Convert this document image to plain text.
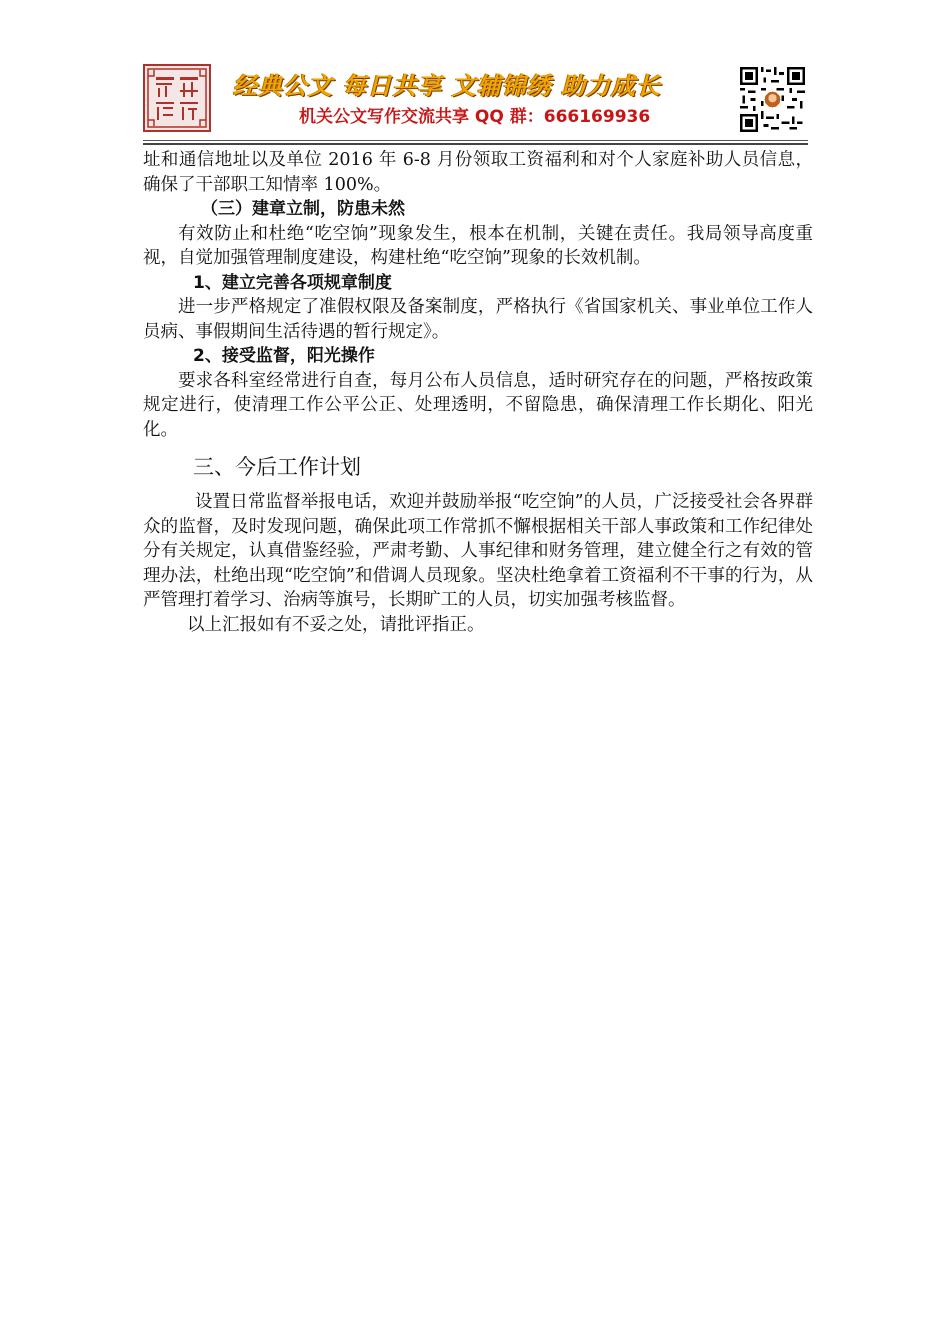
经典公文 每日共享 文辅锦绣 助力成长
机关公文写作交流共享 QQ 群：666169936

址和通信地址以及单位 2016 年 6-8 月份领取工资福利和对个人家庭补助人员信息，确保了干部职工知情率 100%。

（三）建章立制，防患未然

有效防止和杜绝“吃空饷”现象发生，根本在机制，关键在责任。我局领导高度重视，自觉加强管理制度建设，构建杜绝“吃空饷”现象的长效机制。

1、建立完善各项规章制度

进一步严格规定了准假权限及备案制度，严格执行《省国家机关、事业单位工作人员病、事假期间生活待遇的暂行规定》。

2、接受监督，阳光操作

要求各科室经常进行自查，每月公布人员信息，适时研究存在的问题，严格按政策规定进行，使清理工作公平公正、处理透明，不留隐患，确保清理工作长期化、阳光化。

三、今后工作计划

设置日常监督举报电话，欢迎并鼓励举报“吃空饷”的人员，广泛接受社会各界群众的监督，及时发现问题，确保此项工作常抓不懈根据相关干部人事政策和工作纪律处分有关规定，认真借鉴经验，严肃考勤、人事纪律和财务管理，建立健全行之有效的管理办法，杜绝出现“吃空饷”和借调人员现象。坚决杜绝拿着工资福利不干事的行为，从严管理打着学习、治病等旗号，长期旷工的人员，切实加强考核监督。

以上汇报如有不妥之处，请批评指正。
